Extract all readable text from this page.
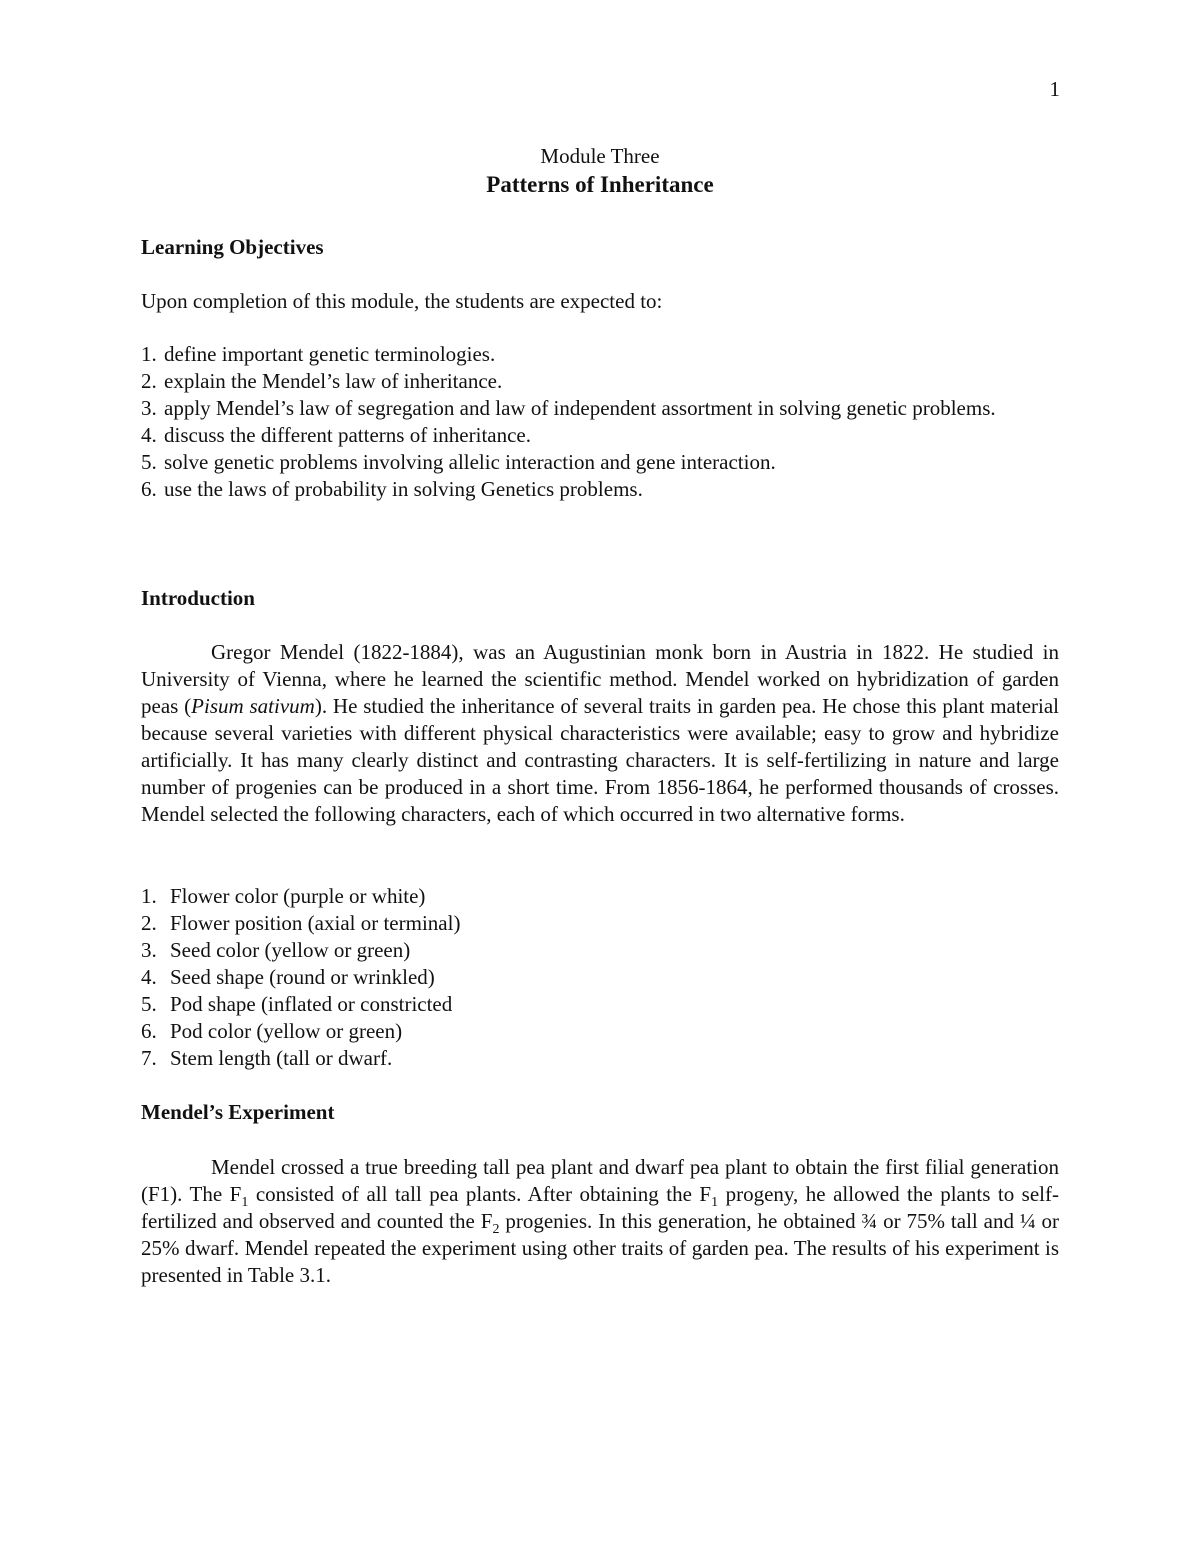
1
Module Three
Patterns of Inheritance
Learning Objectives
Upon completion of this module, the students are expected to:
1. define important genetic terminologies.
2. explain the Mendel’s law of inheritance.
3. apply Mendel’s law of segregation and law of independent assortment in solving genetic problems.
4. discuss the different patterns of inheritance.
5. solve genetic problems involving allelic interaction and gene interaction.
6. use the laws of probability in solving Genetics problems.
Introduction
Gregor Mendel (1822-1884), was an Augustinian monk born in Austria in 1822. He studied in University of Vienna, where he learned the scientific method. Mendel worked on hybridization of garden peas (Pisum sativum). He studied the inheritance of several traits in garden pea. He chose this plant material because several varieties with different physical characteristics were available; easy to grow and hybridize artificially. It has many clearly distinct and contrasting characters. It is self-fertilizing in nature and large number of progenies can be produced in a short time. From 1856-1864, he performed thousands of crosses. Mendel selected the following characters, each of which occurred in two alternative forms.
1. Flower color (purple or white)
2. Flower position (axial or terminal)
3. Seed color (yellow or green)
4. Seed shape (round or wrinkled)
5. Pod shape (inflated or constricted
6. Pod color (yellow or green)
7. Stem length (tall or dwarf.
Mendel’s Experiment
Mendel crossed a true breeding tall pea plant and dwarf pea plant to obtain the first filial generation (F1). The $F_1$ consisted of all tall pea plants. After obtaining the $F_1$ progeny, he allowed the plants to self-fertilized and observed and counted the $F_2$ progenies. In this generation, he obtained ¾ or 75% tall and ¼ or 25% dwarf. Mendel repeated the experiment using other traits of garden pea. The results of his experiment is presented in Table 3.1.
